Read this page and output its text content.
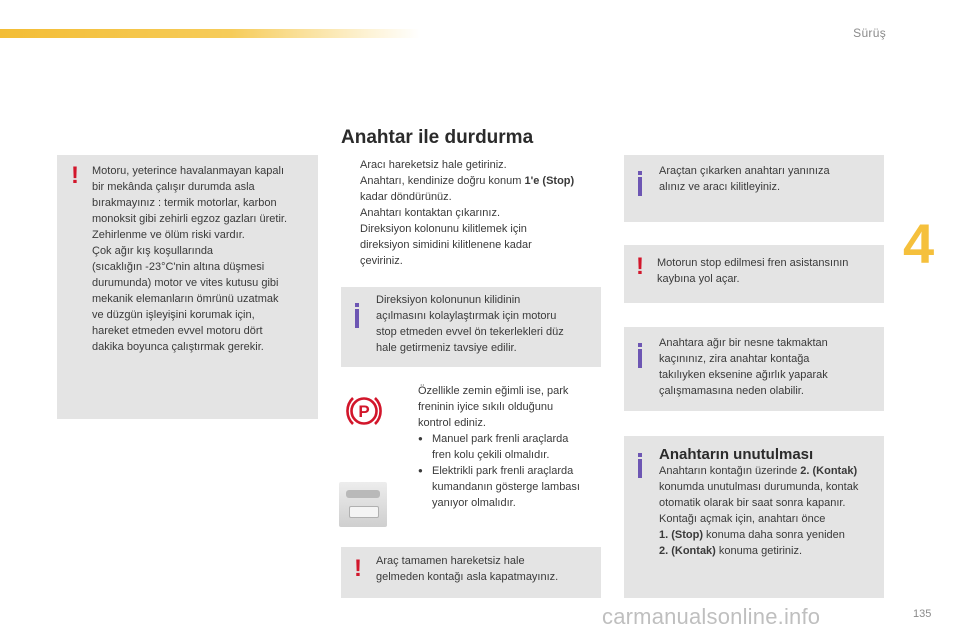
Sürüş
4
Anahtar ile durdurma
! Motoru, yeterince havalanmayan kapalı

bir mekânda çalışır durumda asla

bırakmayınız : termik motorlar, karbon

monoksit gibi zehirli egzoz gazları üretir.

Zehirlenme ve ölüm riski vardır.

Çok ağır kış koşullarında

(sıcaklığın -23°C'nin altına düşmesi

durumunda) motor ve vites kutusu gibi

mekanik elemanların ömrünü uzatmak

ve düzgün işleyişini korumak için,

hareket etmeden evvel motoru dört

dakika boyunca çalıştırmak gerekir.

Aracı hareketsiz hale getiriniz.
Anahtarı, kendinize doğru konum 1'e (Stop)
kadar döndürünüz.
Anahtarı kontaktan çıkarınız.
Direksiyon kolonunu kilitlemek için
direksiyon simidini kilitlenene kadar
çeviriniz.

Direksiyon kolonunun kilidinin

açılmasını kolaylaştırmak için motoru

stop etmeden evvel ön tekerlekleri düz

hale getirmeniz tavsiye edilir.

P
Özellikle zemin eğimli ise, park
freninin iyice sıkılı olduğunu
kontrol ediniz.
● Manuel park frenli araçlarda
fren kolu çekili olmalıdır.
● Elektrikli park frenli araçlarda
kumandanın gösterge lambası
yanıyor olmalıdır.
! Araç tamamen hareketsiz hale

gelmeden kontağı asla kapatmayınız.

Araçtan çıkarken anahtarı yanınıza

alınız ve aracı kilitleyiniz.

! Motorun stop edilmesi fren asistansının

kaybına yol açar.

Anahtara ağır bir nesne takmaktan

kaçınınız, zira anahtar kontağa

takılıyken eksenine ağırlık yaparak

çalışmamasına neden olabilir.

Anahtarın unutulması

Anahtarın kontağın üzerinde 2. (Kontak)

konumda unutulması durumunda, kontak

otomatik olarak bir saat sonra kapanır.

Kontağı açmak için, anahtarı önce

1. (Stop) konuma daha sonra yeniden

2. (Kontak) konuma getiriniz.

135
carmanualsonline.info
